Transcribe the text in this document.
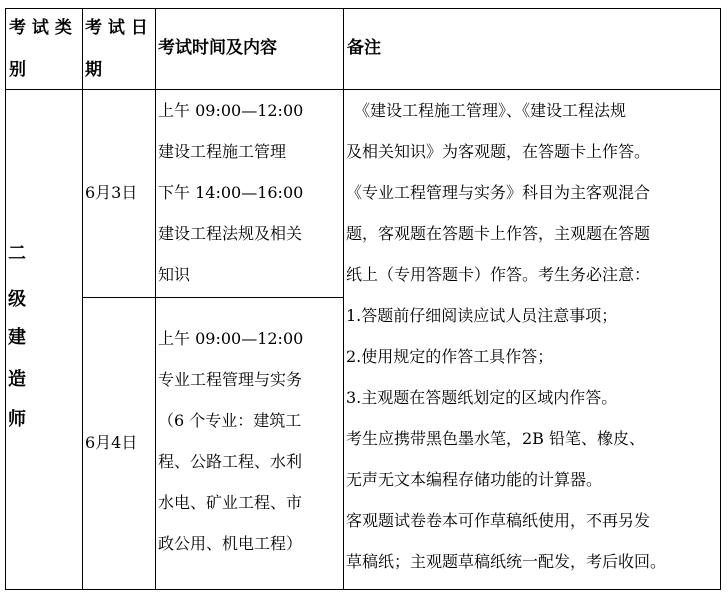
考 试 类
别
考 试 日
期
考试时间及内容	备注
二
级
建
造
师
6月3日
6月4日
上午 09:00—12:00
建设工程施工管理
下午 14:00—16:00
建设工程法规及相关
知识
上午 09:00—12:00
专业工程管理与实务
（6 个专业：建筑工
程、公路工程、水利
水电、矿业工程、市
政公用、机电工程）
　《建设工程施工管理》、《建设工程法规
及相关知识》为客观题，在答题卡上作答。
《专业工程管理与实务》科目为主客观混合
题，客观题在答题卡上作答，主观题在答题
纸上（专用答题卡）作答。考生务必注意：
1.答题前仔细阅读应试人员注意事项；
2.使用规定的作答工具作答；
3.主观题在答题纸划定的区域内作答。
考生应携带黑色墨水笔，2B 铅笔、橡皮、
无声无文本编程存储功能的计算器。
客观题试卷卷本可作草稿纸使用，不再另发
草稿纸；主观题草稿纸统一配发，考后收回。
